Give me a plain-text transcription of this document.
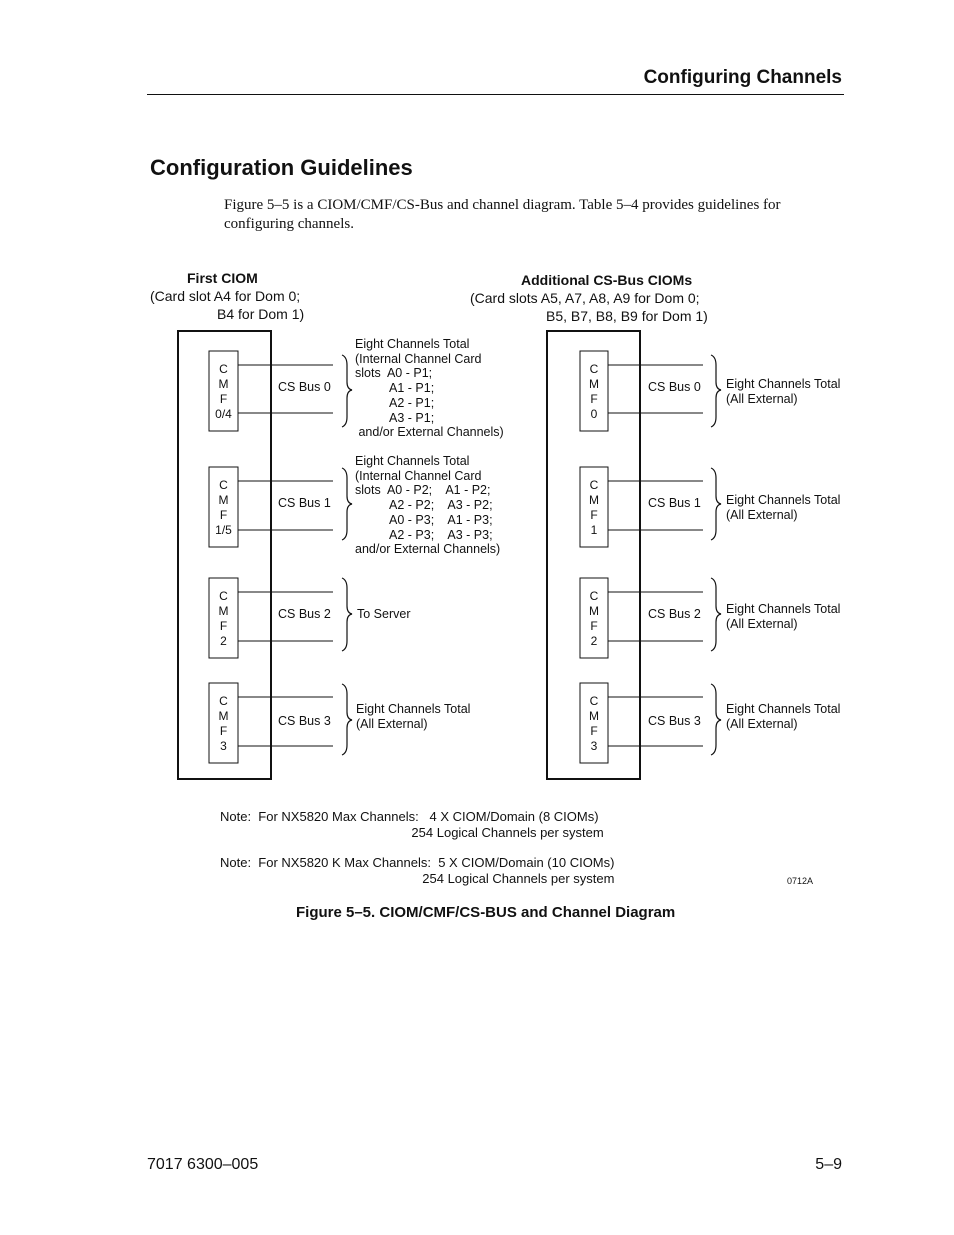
Configuring Channels
Configuration Guidelines
Figure 5–5 is a CIOM/CMF/CS-Bus and channel diagram. Table 5–4 provides guidelines for configuring channels.
First CIOM
(Card slot A4 for Dom 0;
B4 for Dom 1)
Additional CS-Bus CIOMs
(Card slots A5, A7, A8, A9 for Dom 0;
B5, B7, B8, B9 for Dom 1)
C
M
F
0/4
C
M
F
1/5
C
M
F
2
C
M
F
3
C
M
F
0
C
M
F
1
C
M
F
2
C
M
F
3
CS Bus 0
CS Bus 1
CS Bus 2
CS Bus 3
CS Bus 0
CS Bus 1
CS Bus 2
CS Bus 3
Eight Channels Total
(Internal Channel Card
slots  A0 - P1;
A1 - P1;
A2 - P1;
A3 - P1;
and/or External Channels)
Eight Channels Total
(Internal Channel Card
slots  A0 - P2;    A1 - P2;
A2 - P2;    A3 - P2;
A0 - P3;    A1 - P3;
A2 - P3;    A3 - P3;
and/or External Channels)
To Server
Eight Channels Total
(All External)
Eight Channels Total
(All External)
Eight Channels Total
(All External)
Eight Channels Total
(All External)
Eight Channels Total
(All External)
Note:  For NX5820 Max Channels:   4 X CIOM/Domain (8 CIOMs)
254 Logical Channels per system
Note:  For NX5820 K Max Channels:  5 X CIOM/Domain (10 CIOMs)
254 Logical Channels per system	0712A
Figure 5–5. CIOM/CMF/CS-BUS and Channel Diagram
7017 6300–005	5–9
